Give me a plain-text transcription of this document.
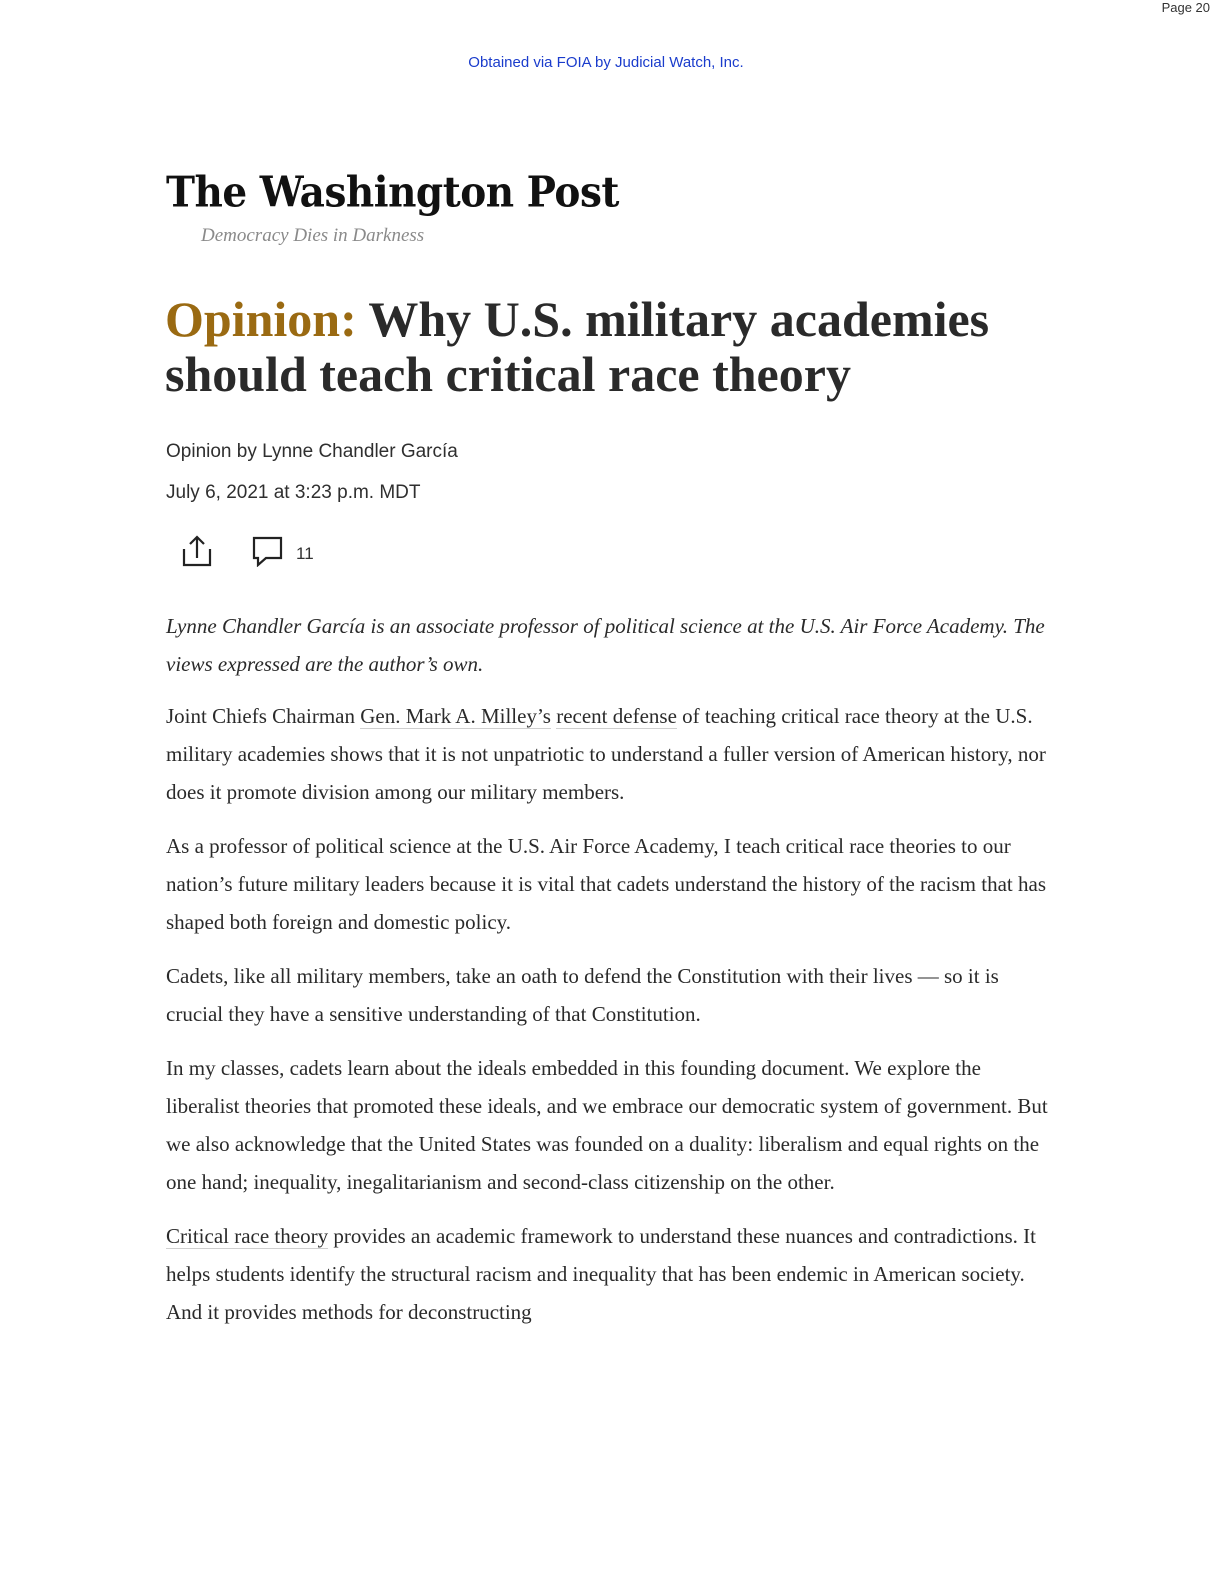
Page 20
Obtained via FOIA by Judicial Watch, Inc.
The Washington Post
Democracy Dies in Darkness
Opinion: Why U.S. military academies should teach critical race theory
Opinion by Lynne Chandler García
July 6, 2021 at 3:23 p.m. MDT
11

Lynne Chandler García is an associate professor of political science at the U.S. Air Force Academy. The views expressed are the author’s own.

Joint Chiefs Chairman Gen. Mark A. Milley’s recent defense of teaching critical race theory at the U.S. military academies shows that it is not unpatriotic to understand a fuller version of American history, nor does it promote division among our military members.

As a professor of political science at the U.S. Air Force Academy, I teach critical race theories to our nation’s future military leaders because it is vital that cadets understand the history of the racism that has shaped both foreign and domestic policy.

Cadets, like all military members, take an oath to defend the Constitution with their lives — so it is crucial they have a sensitive understanding of that Constitution.

In my classes, cadets learn about the ideals embedded in this founding document. We explore the liberalist theories that promoted these ideals, and we embrace our democratic system of government. But we also acknowledge that the United States was founded on a duality: liberalism and equal rights on the one hand; inequality, inegalitarianism and second-class citizenship on the other.

Critical race theory provides an academic framework to understand these nuances and contradictions. It helps students identify the structural racism and inequality that has been endemic in American society. And it provides methods for deconstructing
